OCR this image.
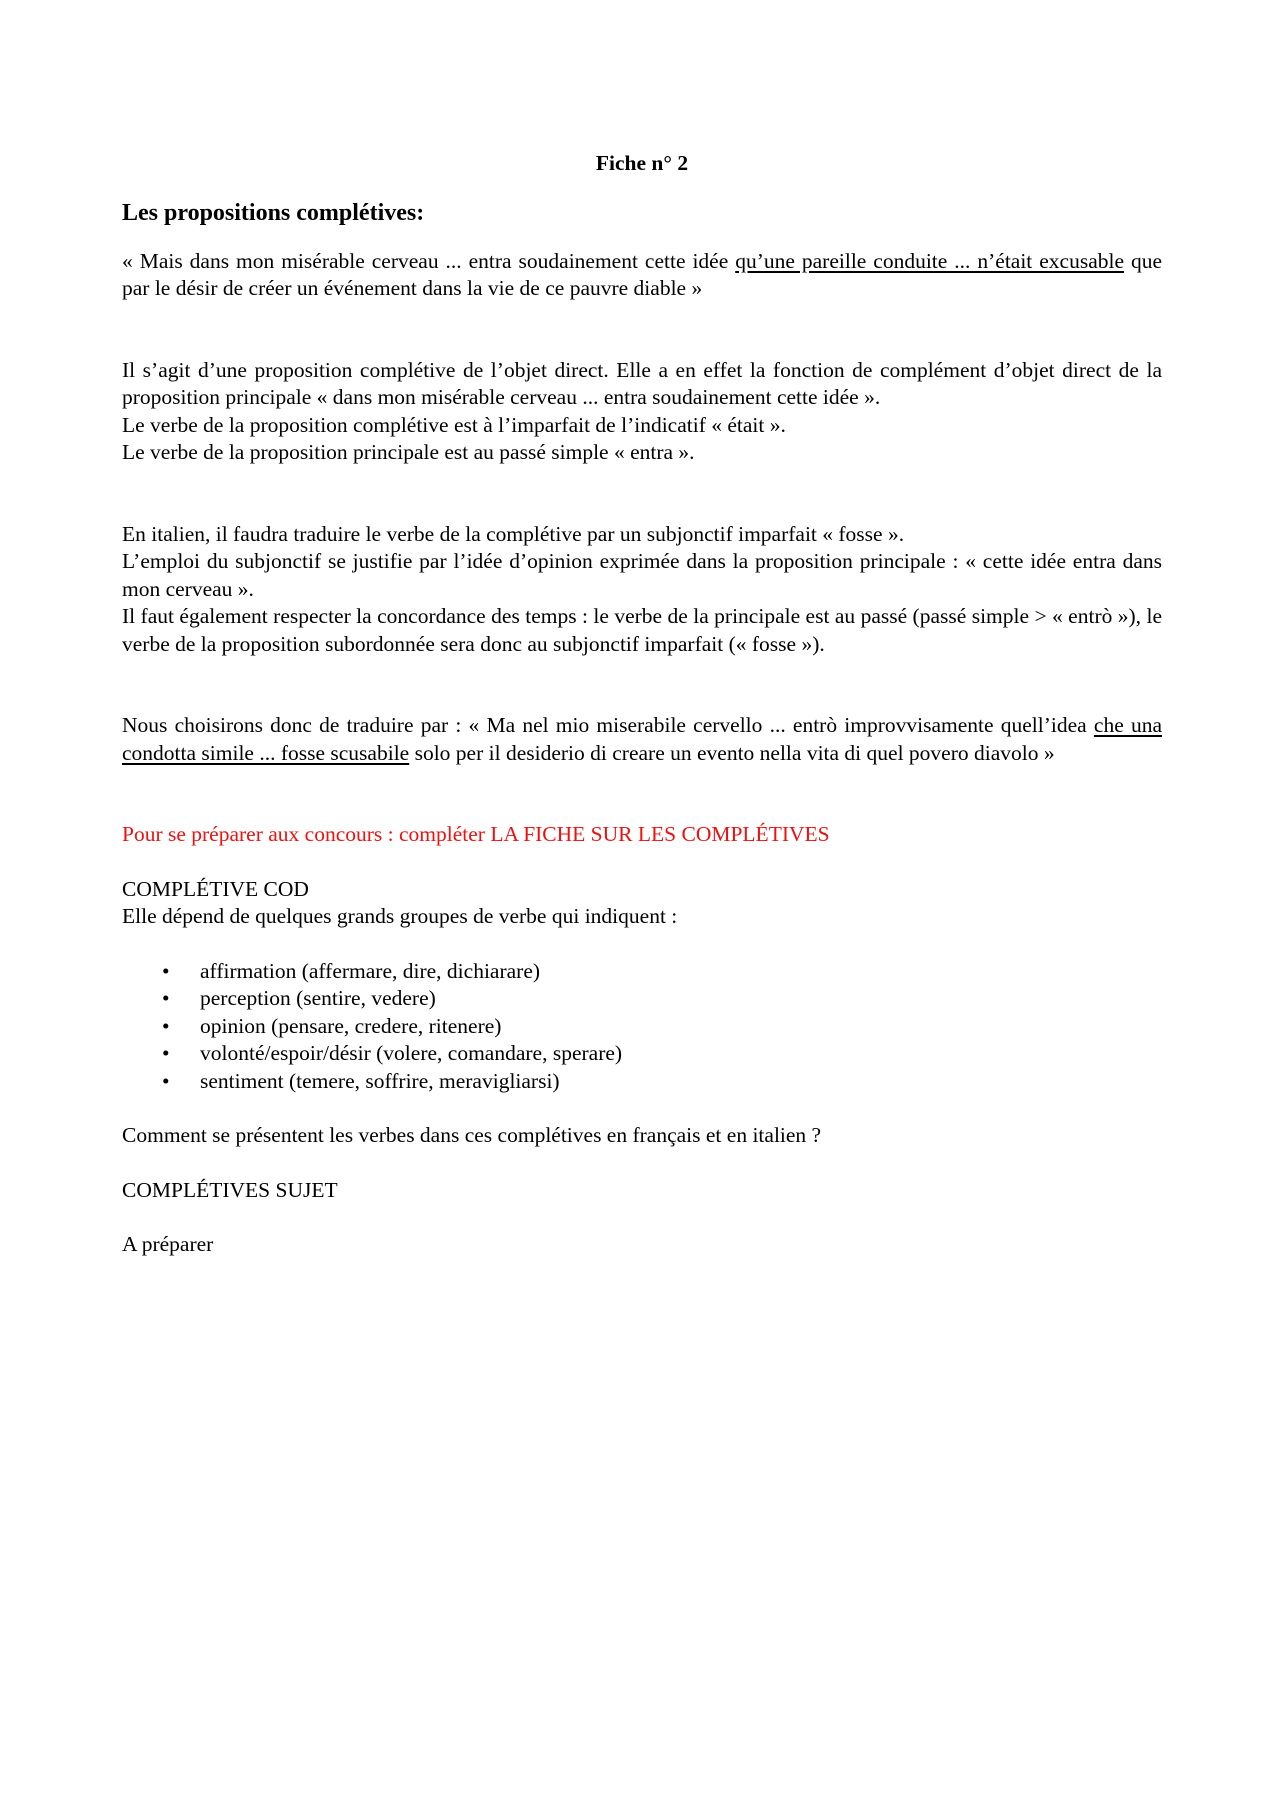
Fiche n° 2

Les propositions complétives:

« Mais dans mon misérable cerveau ... entra soudainement cette idée qu’une pareille conduite ... n’était excusable que par le désir de créer un événement dans la vie de ce pauvre diable »

Il s’agit d’une proposition complétive de l’objet direct. Elle a en effet la fonction de complément d’objet direct de la proposition principale « dans mon misérable cerveau ... entra soudainement cette idée ».

Le verbe de la proposition complétive est à l’imparfait de l’indicatif « était ».

Le verbe de la proposition principale est au passé simple « entra ».

En italien, il faudra traduire le verbe de la complétive par un subjonctif imparfait « fosse ».

L’emploi du subjonctif se justifie par l’idée d’opinion exprimée dans la proposition principale : « cette idée entra dans mon cerveau ».

Il faut également respecter la concordance des temps : le verbe de la principale est au passé (passé simple > « entrò »), le verbe de la proposition subordonnée sera donc au subjonctif imparfait (« fosse »).

Nous choisirons donc de traduire par : « Ma nel mio miserabile cervello ... entrò improvvisamente quell’idea che una condotta simile ... fosse scusabile solo per il desiderio di creare un evento nella vita di quel povero diavolo »

Pour se préparer aux concours : compléter LA FICHE SUR LES COMPLÉTIVES

COMPLÉTIVE COD

Elle dépend de quelques grands groupes de verbe qui indiquent :

• affirmation (affermare, dire, dichiarare)
• perception (sentire, vedere)
• opinion (pensare, credere, ritenere)
• volonté/espoir/désir (volere, comandare, sperare)
• sentiment (temere, soffrire, meravigliarsi)

Comment se présentent les verbes dans ces complétives en français et en italien ?

COMPLÉTIVES SUJET

A préparer
